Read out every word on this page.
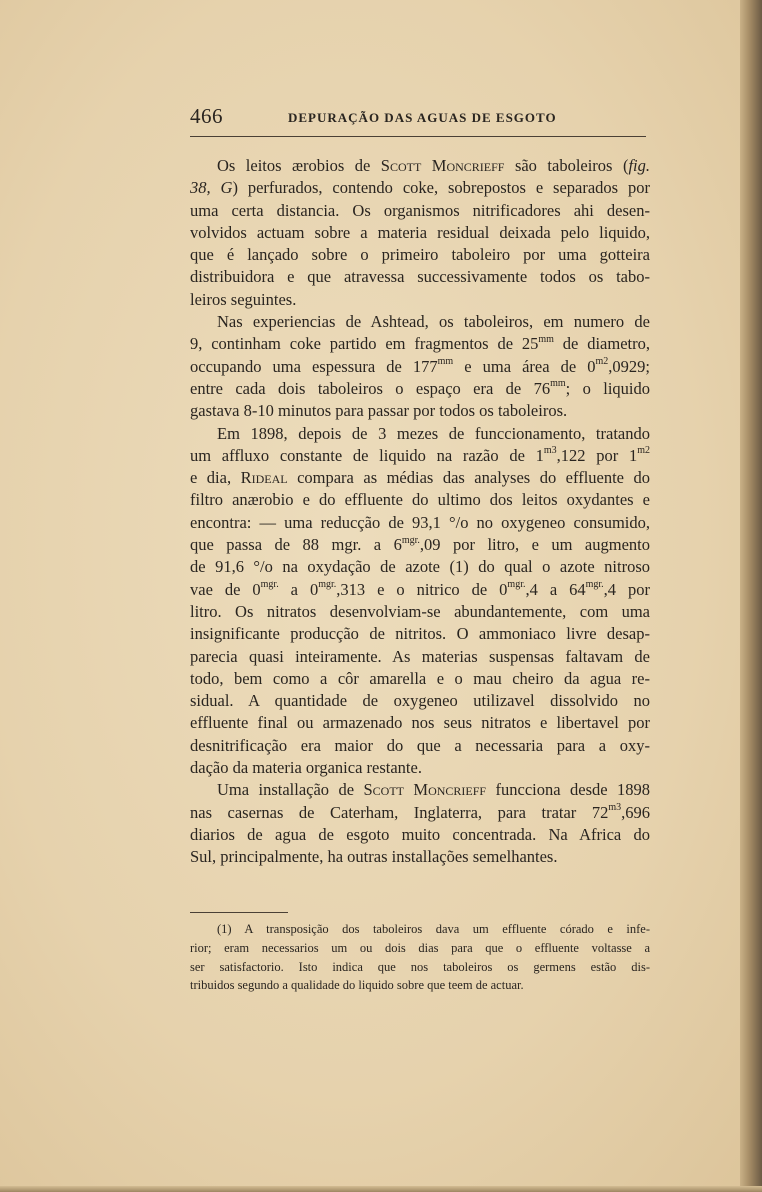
466	DEPURAÇÃO DAS AGUAS DE ESGOTO
Os leitos ærobios de Scott Moncrieff são taboleiros (fig.
38, G) perfurados, contendo coke, sobrepostos e separados por
uma certa distancia. Os organismos nitrificadores ahi desen-
volvidos actuam sobre a materia residual deixada pelo liquido,
que é lançado sobre o primeiro taboleiro por uma gotteira
distribuidora e que atravessa successivamente todos os tabo-
leiros seguintes.
Nas experiencias de Ashtead, os taboleiros, em numero de
9, continham coke partido em fragmentos de $25^{mm}$ de diametro,
occupando uma espessura de $177^{mm}$ e uma área de $0^{m2},0929$;
entre cada dois taboleiros o espaço era de $76^{mm}$; o liquido
gastava 8-10 minutos para passar por todos os taboleiros.
Em 1898, depois de 3 mezes de funccionamento, tratando
um affluxo constante de liquido na razão de $1^{m3},122$ por $1^{m2}$
e dia, Rideal compara as médias das analyses do effluente do
filtro anærobio e do effluente do ultimo dos leitos oxydantes e
encontra: — uma reducção de 93,1 °/o no oxygeneo consumido,
que passa de 88 mgr. a $6^{mgr.},09$ por litro, e um augmento
de 91,6 °/o na oxydação de azote (1) do qual o azote nitroso
vae de $0^{mgr.}$ a $0^{mgr.},313$ e o nitrico de $0^{mgr.},4$ a $64^{mgr.},4$ por
litro. Os nitratos desenvolviam-se abundantemente, com uma
insignificante producção de nitritos. O ammoniaco livre desap-
parecia quasi inteiramente. As materias suspensas faltavam de
todo, bem como a côr amarella e o mau cheiro da agua re-
sidual. A quantidade de oxygeneo utilizavel dissolvido no
effluente final ou armazenado nos seus nitratos e libertavel por
desnitrificação era maior do que a necessaria para a oxy-
dação da materia organica restante.
Uma installação de Scott Moncrieff funcciona desde 1898
nas casernas de Caterham, Inglaterra, para tratar $72^{m3},696$
diarios de agua de esgoto muito concentrada. Na Africa do
Sul, principalmente, ha outras installações semelhantes.
(1) A transposição dos taboleiros dava um effluente córado e infe-
rior; eram necessarios um ou dois dias para que o effluente voltasse a
ser satisfactorio. Isto indica que nos taboleiros os germens estão dis-
tribuidos segundo a qualidade do liquido sobre que teem de actuar.
